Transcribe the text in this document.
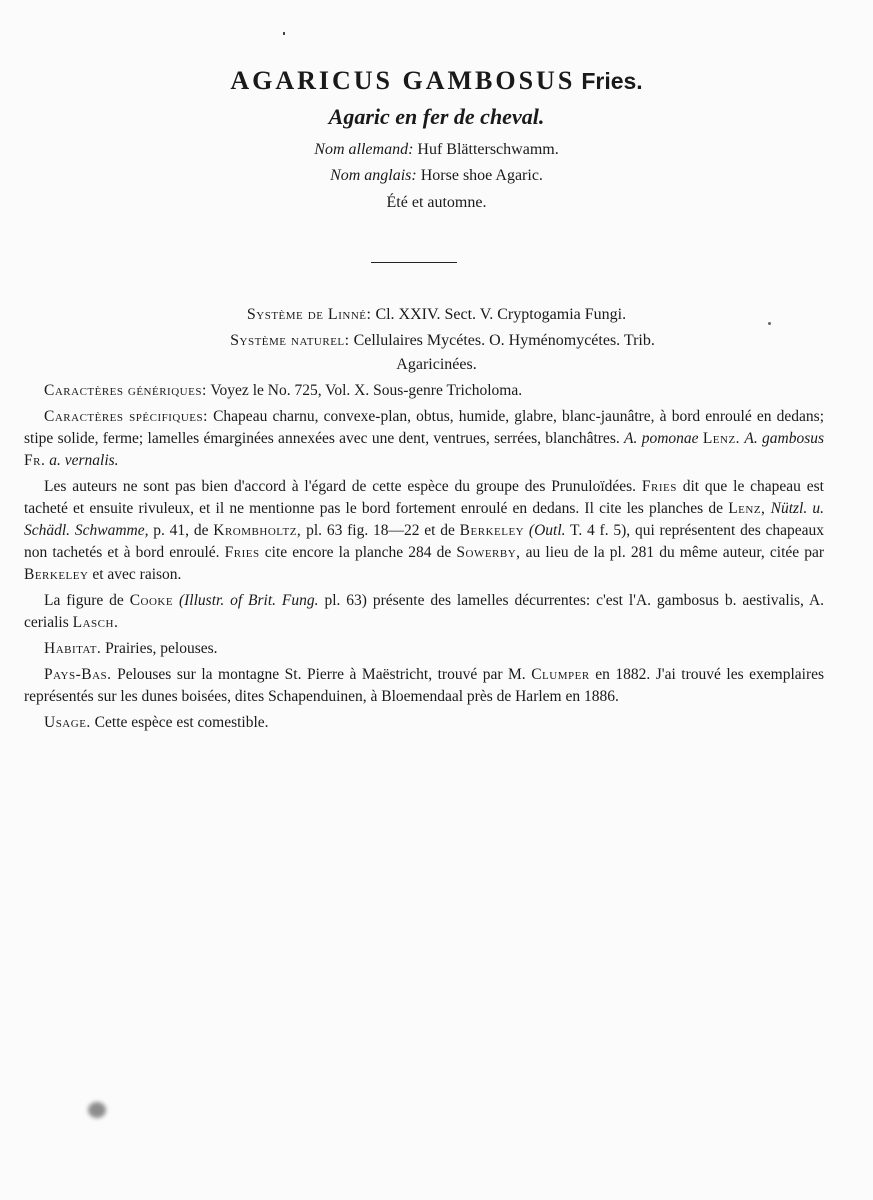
AGARICUS GAMBOSUS Fries.
Agaric en fer de cheval.
Nom allemand: Huf Blätterschwamm.
Nom anglais: Horse shoe Agaric.
Été et automne.
Système de Linné: Cl. XXIV. Sect. V. Cryptogamia Fungi.
Système naturel: Cellulaires Mycétes. O. Hyménomycétes. Trib.
Agaricinées.

Caractères génériques: Voyez le No. 725, Vol. X. Sous-genre Tricholoma.

Caractères spécifiques: Chapeau charnu, convexe-plan, obtus, humide, glabre, blanc-jaunâtre, à bord enroulé en dedans; stipe solide, ferme; lamelles émarginées annexées avec une dent, ventrues, serrées, blanchâtres. A. pomonae Lenz. A. gambosus Fr. a. vernalis.

Les auteurs ne sont pas bien d'accord à l'égard de cette espèce du groupe des Prunuloïdées. Fries dit que le chapeau est tacheté et ensuite rivuleux, et il ne mentionne pas le bord fortement enroulé en dedans. Il cite les planches de Lenz, Nützl. u. Schädl. Schwamme, p. 41, de Krombholtz, pl. 63 fig. 18—22 et de Berkeley (Outl. T. 4 f. 5), qui représentent des chapeaux non tachetés et à bord enroulé. Fries cite encore la planche 284 de Sowerby, au lieu de la pl. 281 du même auteur, citée par Berkeley et avec raison.

La figure de Cooke (Illustr. of Brit. Fung. pl. 63) présente des lamelles décurrentes: c'est l'A. gambosus b. aestivalis, A. cerialis Lasch.

Habitat. Prairies, pelouses.

Pays-Bas. Pelouses sur la montagne St. Pierre à Maëstricht, trouvé par M. Clumper en 1882. J'ai trouvé les exemplaires représentés sur les dunes boisées, dites Schapenduinen, à Bloemendaal près de Harlem en 1886.

Usage. Cette espèce est comestible.
